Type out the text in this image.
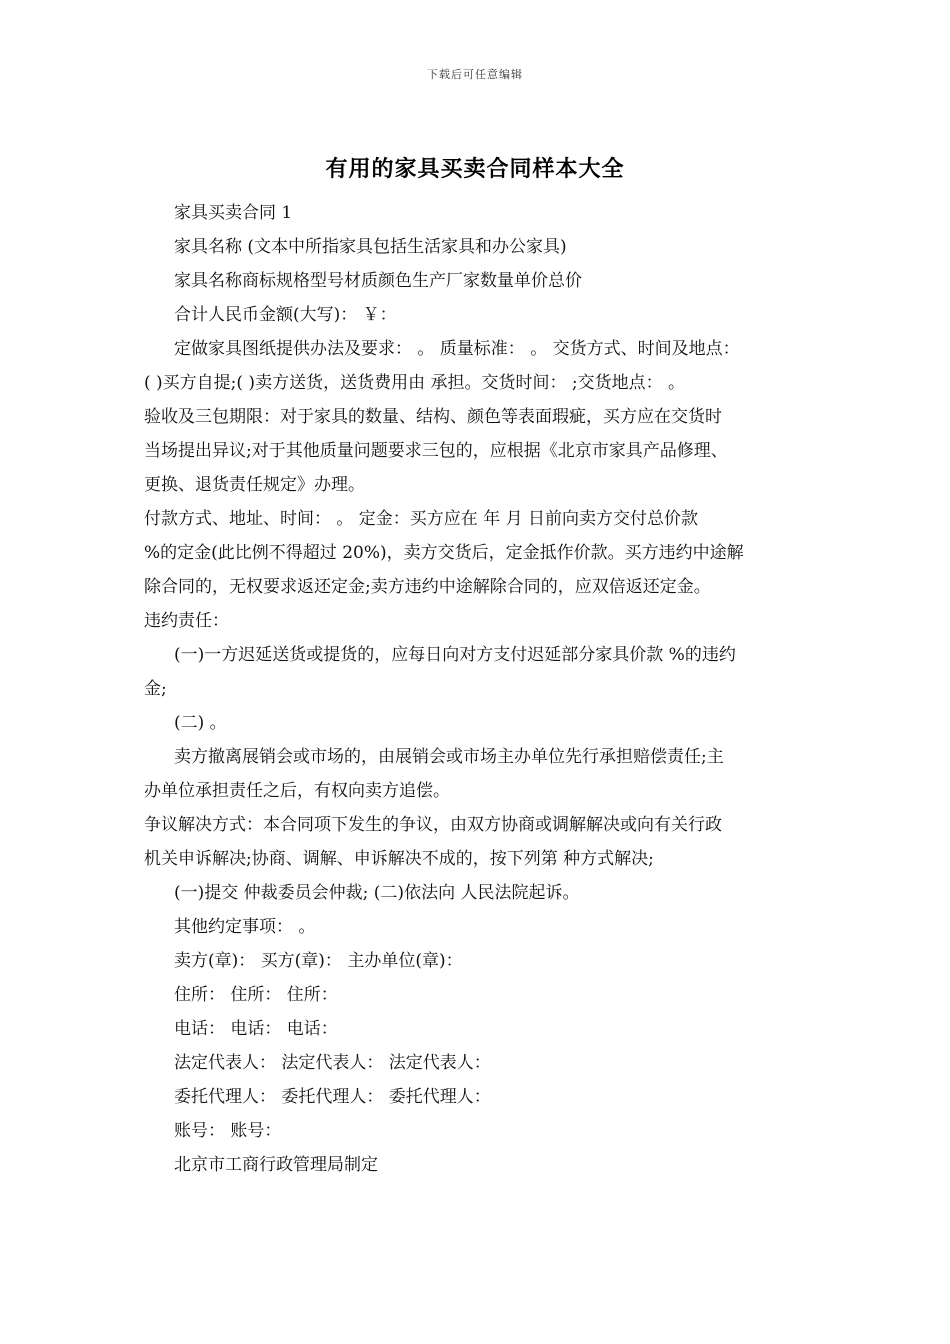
下载后可任意编辑
有用的家具买卖合同样本大全

家具买卖合同 1

家具名称 (文本中所指家具包括生活家具和办公家具)

家具名称商标规格型号材质颜色生产厂家数量单价总价

合计人民币金额(大写)： ￥：

定做家具图纸提供办法及要求： 。 质量标准： 。 交货方式、时间及地点：

( )买方自提;( )卖方送货，送货费用由 承担。交货时间： ;交货地点： 。

验收及三包期限：对于家具的数量、结构、颜色等表面瑕疵，买方应在交货时

当场提出异议;对于其他质量问题要求三包的，应根据《北京市家具产品修理、

更换、退货责任规定》办理。

付款方式、地址、时间： 。 定金：买方应在 年 月 日前向卖方交付总价款

%的定金(此比例不得超过 20%)，卖方交货后，定金抵作价款。买方违约中途解

除合同的，无权要求返还定金;卖方违约中途解除合同的，应双倍返还定金。

违约责任：

(一)一方迟延送货或提货的，应每日向对方支付迟延部分家具价款 %的违约

金;

(二) 。

卖方撤离展销会或市场的，由展销会或市场主办单位先行承担赔偿责任;主

办单位承担责任之后，有权向卖方追偿。

争议解决方式：本合同项下发生的争议，由双方协商或调解解决或向有关行政

机关申诉解决;协商、调解、申诉解决不成的，按下列第 种方式解决;

(一)提交 仲裁委员会仲裁; (二)依法向 人民法院起诉。

其他约定事项： 。

卖方(章)： 买方(章)： 主办单位(章)：

住所： 住所： 住所：

电话： 电话： 电话：

法定代表人： 法定代表人： 法定代表人：

委托代理人： 委托代理人： 委托代理人：

账号： 账号：

北京市工商行政管理局制定
